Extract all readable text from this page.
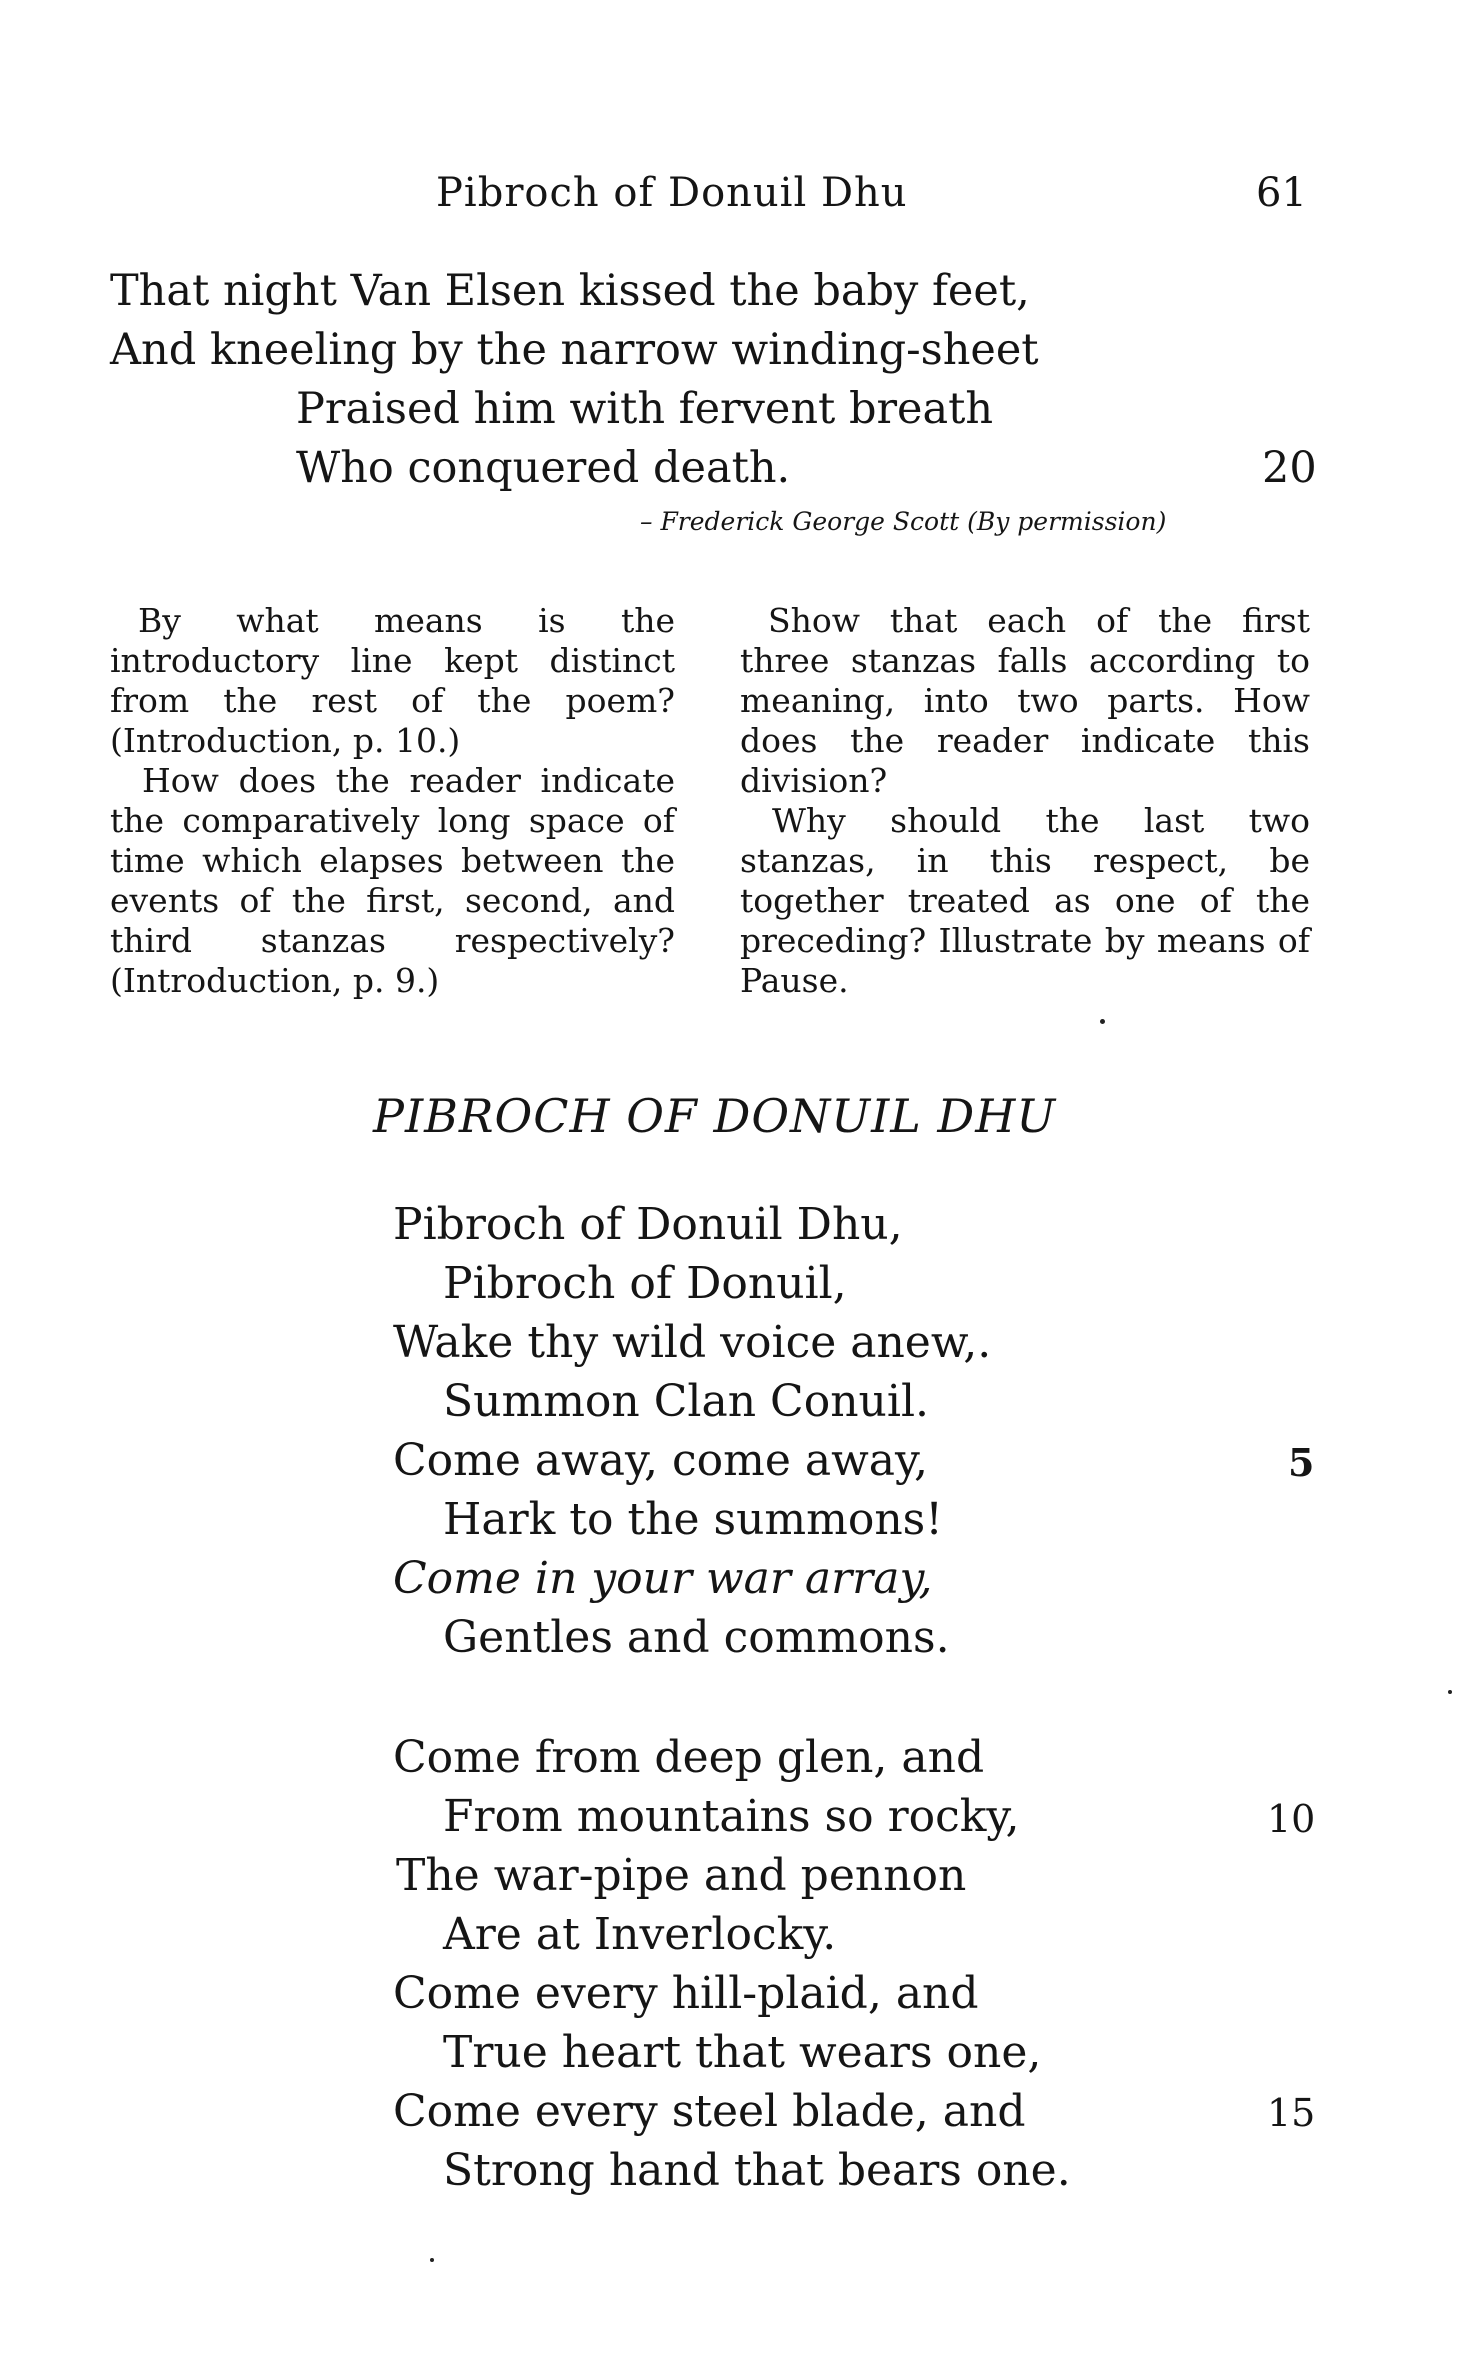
Pibroch of Donuil Dhu	61
That night Van Elsen kissed the baby feet,
And kneeling by the narrow winding-sheet
Praised him with fervent breath
Who conquered death.	20
– Frederick George Scott (By permission)

By what means is the introductory line kept distinct from the rest of the poem? (Introduction, p. 10.)

How does the reader indicate the comparatively long space of time which elapses between the events of the first, second, and third stanzas respectively? (Introduction, p. 9.)

Show that each of the first three stanzas falls according to meaning, into two parts. How does the reader indicate this division?

Why should the last two stanzas, in this respect, be together treated as one of the preceding? Illustrate by means of Pause.

PIBROCH OF DONUIL DHU
Pibroch of Donuil Dhu,
Pibroch of Donuil,
Wake thy wild voice anew,.
Summon Clan Conuil.
Come away, come away,	5
Hark to the summons!
Come in your war array,
Gentles and commons.
Come from deep glen, and
From mountains so rocky,	10
The war-pipe and pennon
Are at Inverlocky.
Come every hill-plaid, and
True heart that wears one,
Come every steel blade, and	15
Strong hand that bears one.
